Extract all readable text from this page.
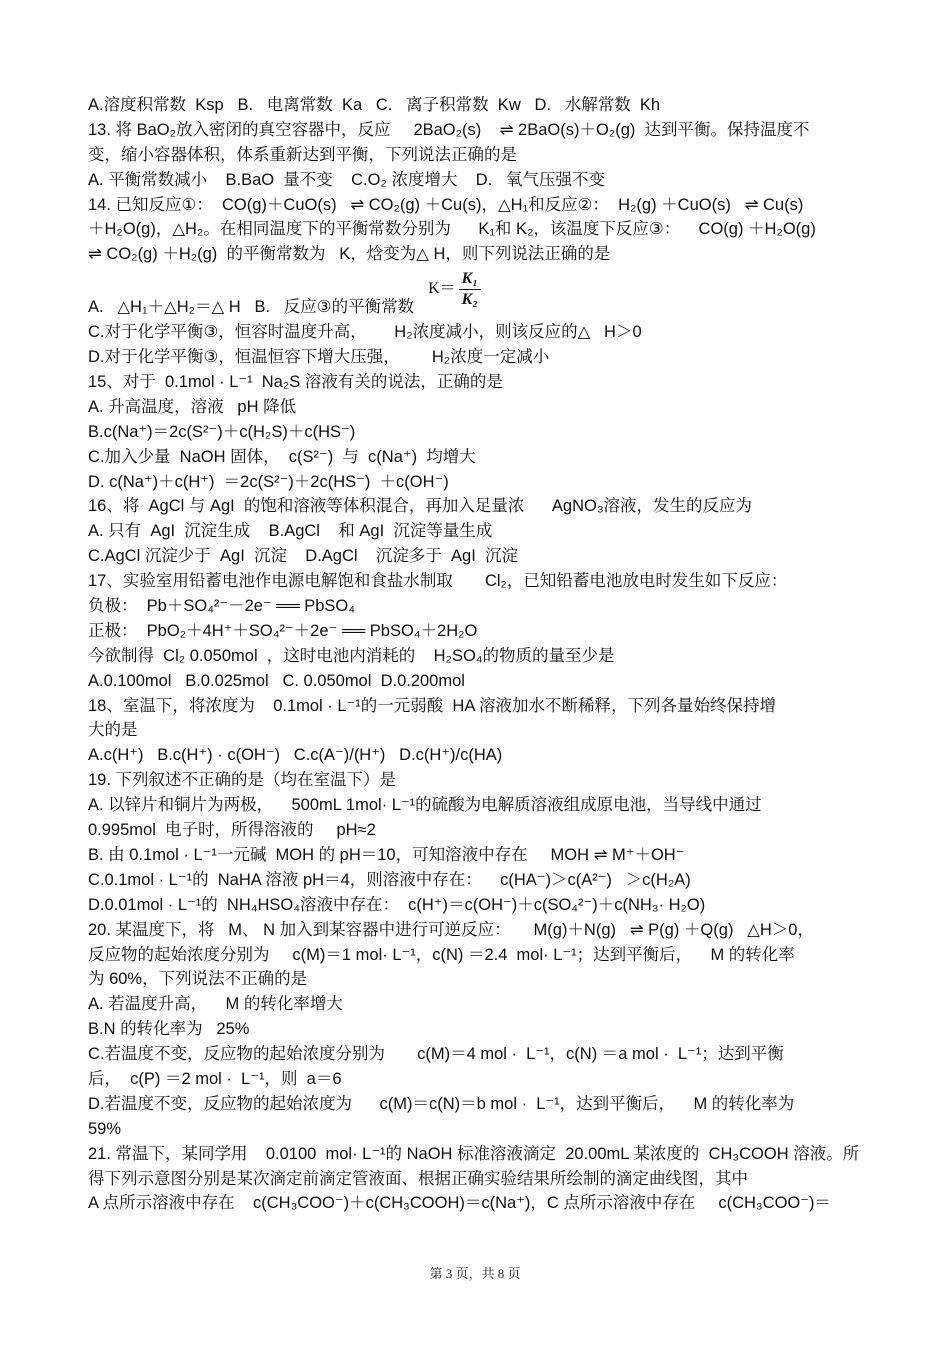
A.溶度积常数  Ksp   B.   电离常数  Ka   C.   离子积常数  Kw   D.   水解常数  Kh
13. 将 BaO₂放入密闭的真空容器中，反应     2BaO₂(s)    ⇌ 2BaO(s)＋O₂(g)  达到平衡。保持温度不
变，缩小容器体积，体系重新达到平衡，下列说法正确的是
A. 平衡常数减小    B.BaO  量不变    C.O₂ 浓度增大    D.   氧气压强不变
14. 已知反应①：  CO(g)＋CuO(s)   ⇌ CO₂(g) ＋Cu(s)，△H₁和反应②：  H₂(g) ＋CuO(s)   ⇌ Cu(s)
＋H₂O(g)，△H₂。在相同温度下的平衡常数分别为      K₁和 K₂，该温度下反应③：    CO(g) ＋H₂O(g)
⇌ CO₂(g) ＋H₂(g)  的平衡常数为   K，焓变为△ H，则下列说法正确的是
A.   △H₁＋△H₂＝△ H   B.   反应③的平衡常数
$K= \frac{\text{K₁}}{\text{K₂}}$
C.对于化学平衡③，恒容时温度升高，      H₂浓度减小，则该反应的△   H＞0
D.对于化学平衡③，恒温恒容下增大压强，       H₂浓度一定减小
15、对于  0.1mol · L⁻¹  Na₂S 溶液有关的说法，正确的是
A. 升高温度，溶液   pH 降低
B.c(Na⁺)＝2c(S²⁻)＋c(H₂S)＋c(HS⁻)
C.加入少量  NaOH 固体，  c(S²⁻)  与  c(Na⁺)  均增大
D. c(Na⁺)＋c(H⁺)  ＝2c(S²⁻)＋2c(HS⁻)  ＋c(OH⁻)
16、将  AgCl 与 AgI  的饱和溶液等体积混合，再加入足量浓      AgNO₃溶液，发生的反应为
A. 只有  AgI  沉淀生成    B.AgCl    和 AgI  沉淀等量生成
C.AgCl 沉淀少于  AgI  沉淀    D.AgCl    沉淀多于  AgI  沉淀
17、实验室用铅蓄电池作电源电解饱和食盐水制取       Cl₂，已知铅蓄电池放电时发生如下反应：
负极：  Pb＋SO₄²⁻－2e⁻ ══ PbSO₄
正极：  PbO₂＋4H⁺＋SO₄²⁻＋2e⁻ ══ PbSO₄＋2H₂O
今欲制得  Cl₂ 0.050mol  ，这时电池内消耗的    H₂SO₄的物质的量至少是
A.0.100mol   B.0.025mol   C. 0.050mol  D.0.200mol
18、室温下，将浓度为    0.1mol · L⁻¹的一元弱酸  HA 溶液加水不断稀释，下列各量始终保持增
大的是
A.c(H⁺)   B.c(H⁺) · c(OH⁻)   C.c(A⁻)/(H⁺)   D.c(H⁺)/c(HA)
19. 下列叙述不正确的是（均在室温下）是
A. 以锌片和铜片为两极，    500mL 1mol· L⁻¹的硫酸为电解质溶液组成原电池，当导线中通过
0.995mol  电子时，所得溶液的     pH≈2
B. 由 0.1mol · L⁻¹一元碱  MOH 的 pH＝10，可知溶液中存在     MOH ⇌ M⁺＋OH⁻
C.0.1mol · L⁻¹的  NaHA 溶液 pH＝4，则溶液中存在：    c(HA⁻)＞c(A²⁻)   ＞c(H₂A)
D.0.01mol · L⁻¹的  NH₄HSO₄溶液中存在：  c(H⁺)＝c(OH⁻)＋c(SO₄²⁻)＋c(NH₃· H₂O)
20. 某温度下，将   M、 N 加入到某容器中进行可逆反应：     M(g)＋N(g)   ⇌ P(g) ＋Q(g)   △H＞0，
反应物的起始浓度分别为     c(M)＝1 mol· L⁻¹，c(N) ＝2.4  mol· L⁻¹；达到平衡后，    M 的转化率
为 60%，下列说法不正确的是
A. 若温度升高，    M 的转化率增大
B.N 的转化率为   25%
C.若温度不变，反应物的起始浓度分别为       c(M)＝4 mol ·  L⁻¹，c(N) ＝a mol ·  L⁻¹；达到平衡
后，  c(P) ＝2 mol ·  L⁻¹，则  a＝6
D.若温度不变，反应物的起始浓度为      c(M)＝c(N)＝b mol ·  L⁻¹，达到平衡后，    M 的转化率为
59%
21. 常温下，某同学用    0.0100  mol· L⁻¹的 NaOH 标准溶液滴定  20.00mL 某浓度的  CH₃COOH 溶液。所
得下列示意图分别是某次滴定前滴定管液面、根据正确实验结果所绘制的滴定曲线图，其中
A 点所示溶液中存在    c(CH₃COO⁻)＋c(CH₃COOH)＝c(Na⁺)，C 点所示溶液中存在     c(CH₃COO⁻)＝
第 3 页，共 8 页
